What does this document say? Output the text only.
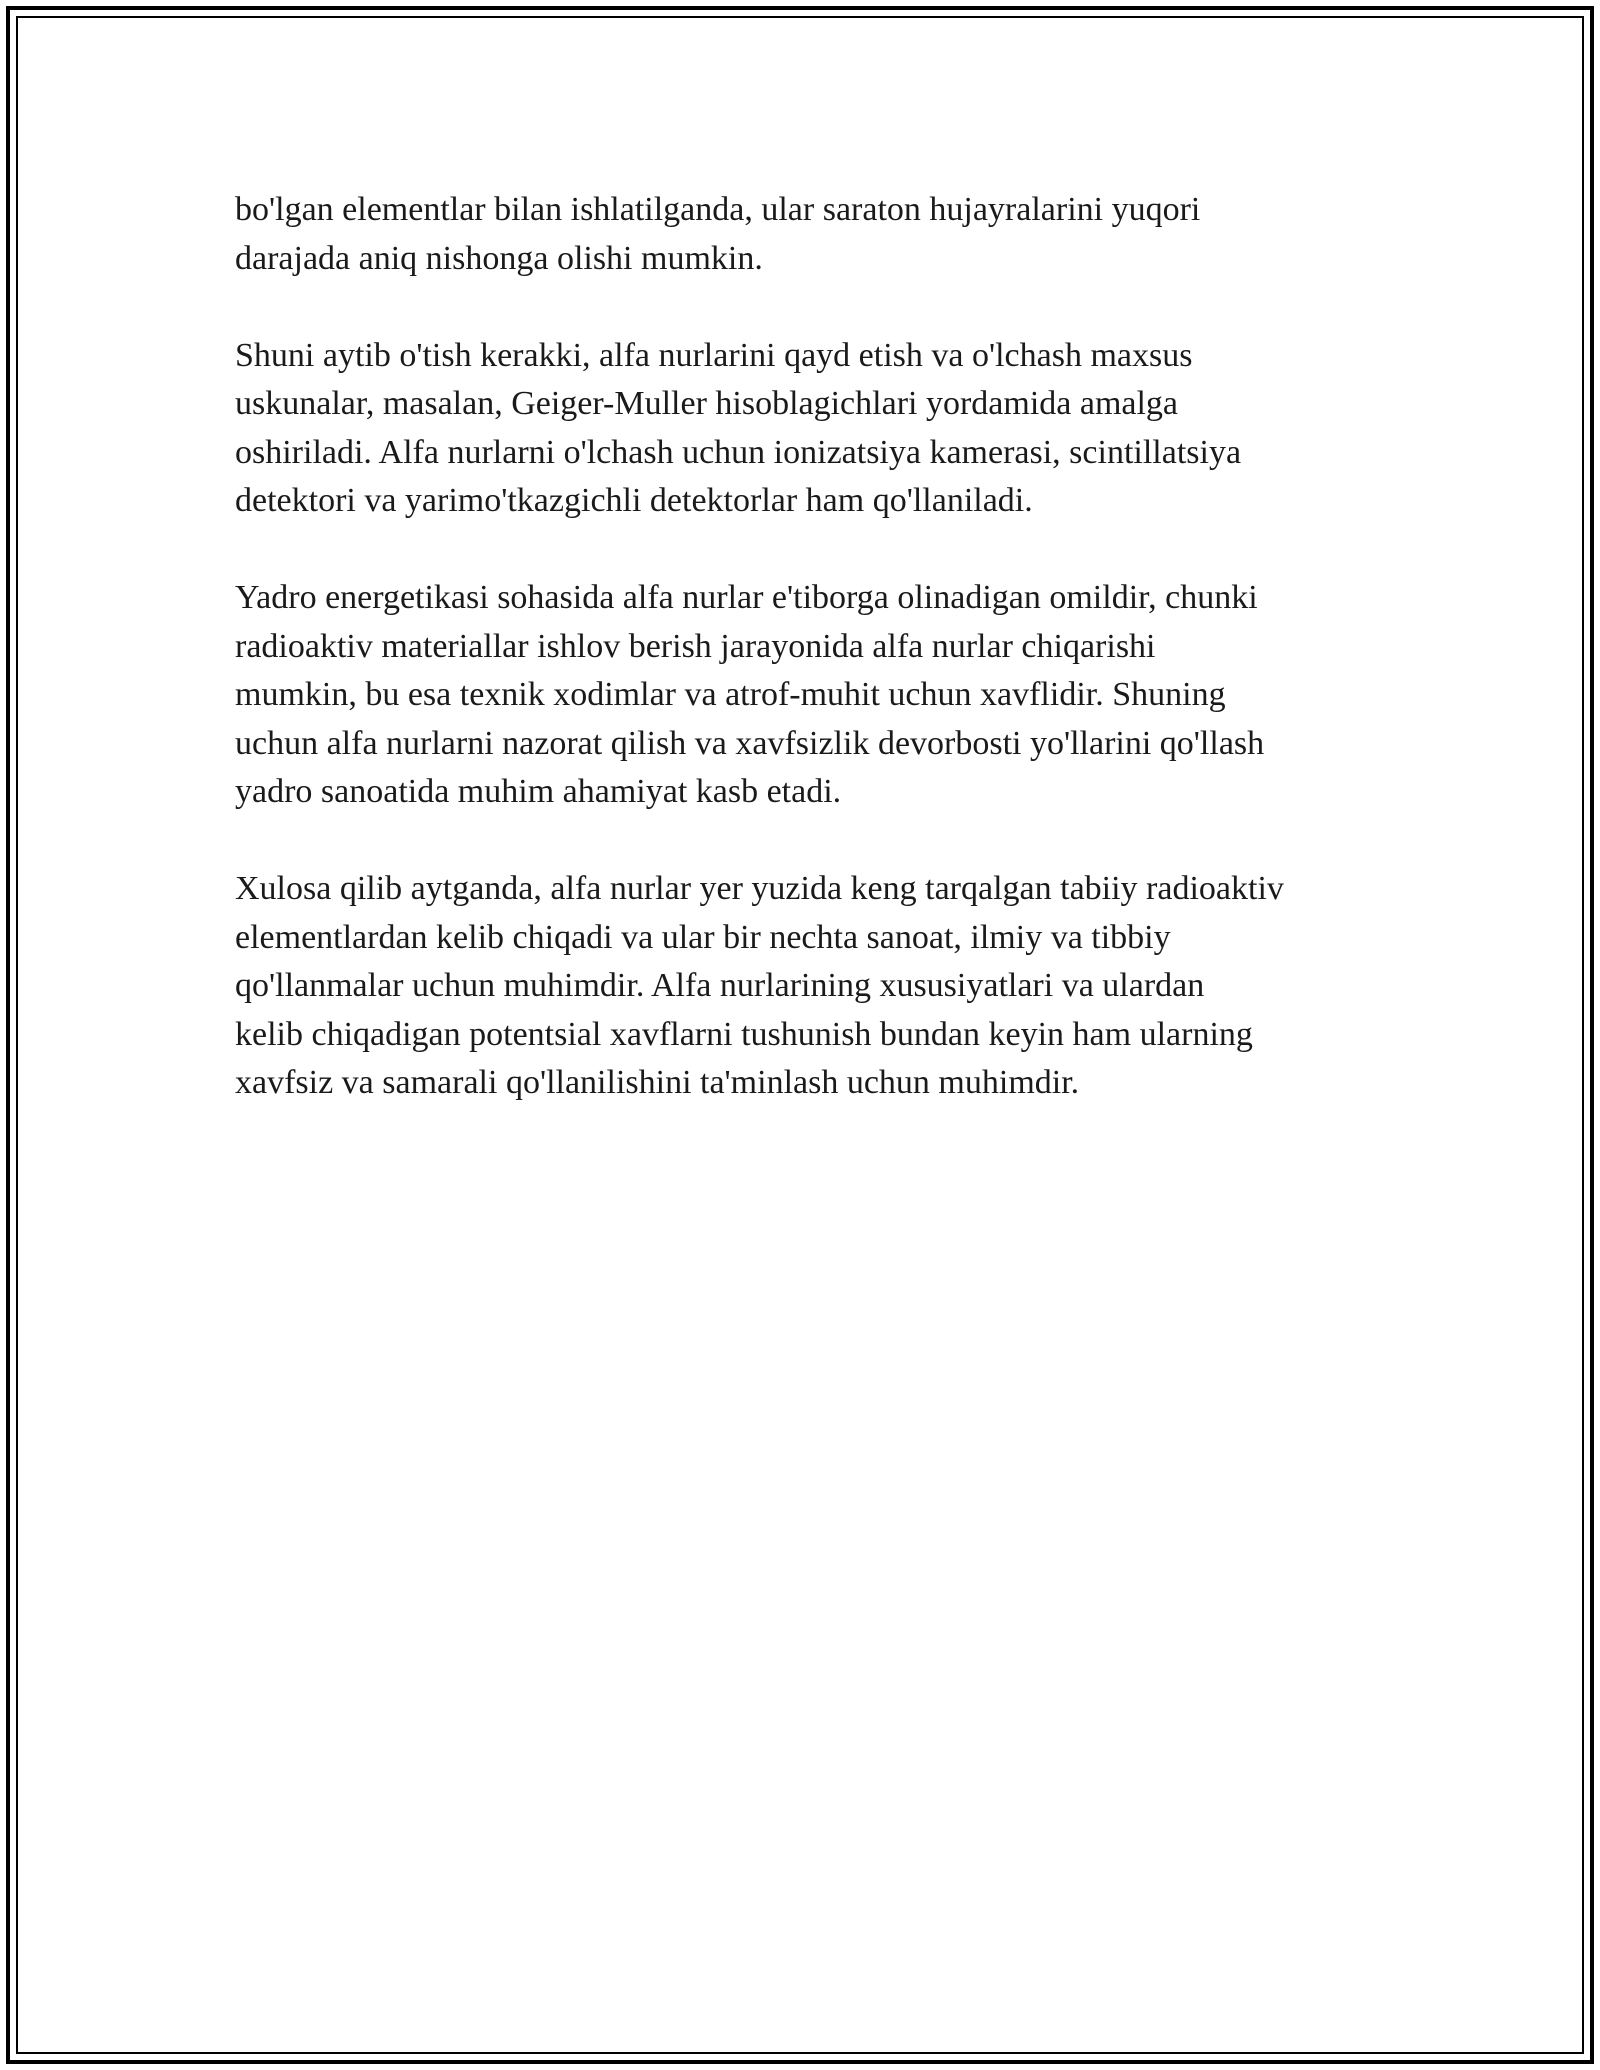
bo'lgan elementlar bilan ishlatilganda, ular saraton hujayralarini yuqori
darajada aniq nishonga olishi mumkin.

Shuni aytib o'tish kerakki, alfa nurlarini qayd etish va o'lchash maxsus
uskunalar, masalan, Geiger-Muller hisoblagichlari yordamida amalga
oshiriladi. Alfa nurlarni o'lchash uchun ionizatsiya kamerasi, scintillatsiya
detektori va yarimo'tkazgichli detektorlar ham qo'llaniladi.

Yadro energetikasi sohasida alfa nurlar e'tiborga olinadigan omildir, chunki
radioaktiv materiallar ishlov berish jarayonida alfa nurlar chiqarishi
mumkin, bu esa texnik xodimlar va atrof-muhit uchun xavflidir. Shuning
uchun alfa nurlarni nazorat qilish va xavfsizlik devorbosti yo'llarini qo'llash
yadro sanoatida muhim ahamiyat kasb etadi.

Xulosa qilib aytganda, alfa nurlar yer yuzida keng tarqalgan tabiiy radioaktiv
elementlardan kelib chiqadi va ular bir nechta sanoat, ilmiy va tibbiy
qo'llanmalar uchun muhimdir. Alfa nurlarining xususiyatlari va ulardan
kelib chiqadigan potentsial xavflarni tushunish bundan keyin ham ularning
xavfsiz va samarali qo'llanilishini ta'minlash uchun muhimdir.
